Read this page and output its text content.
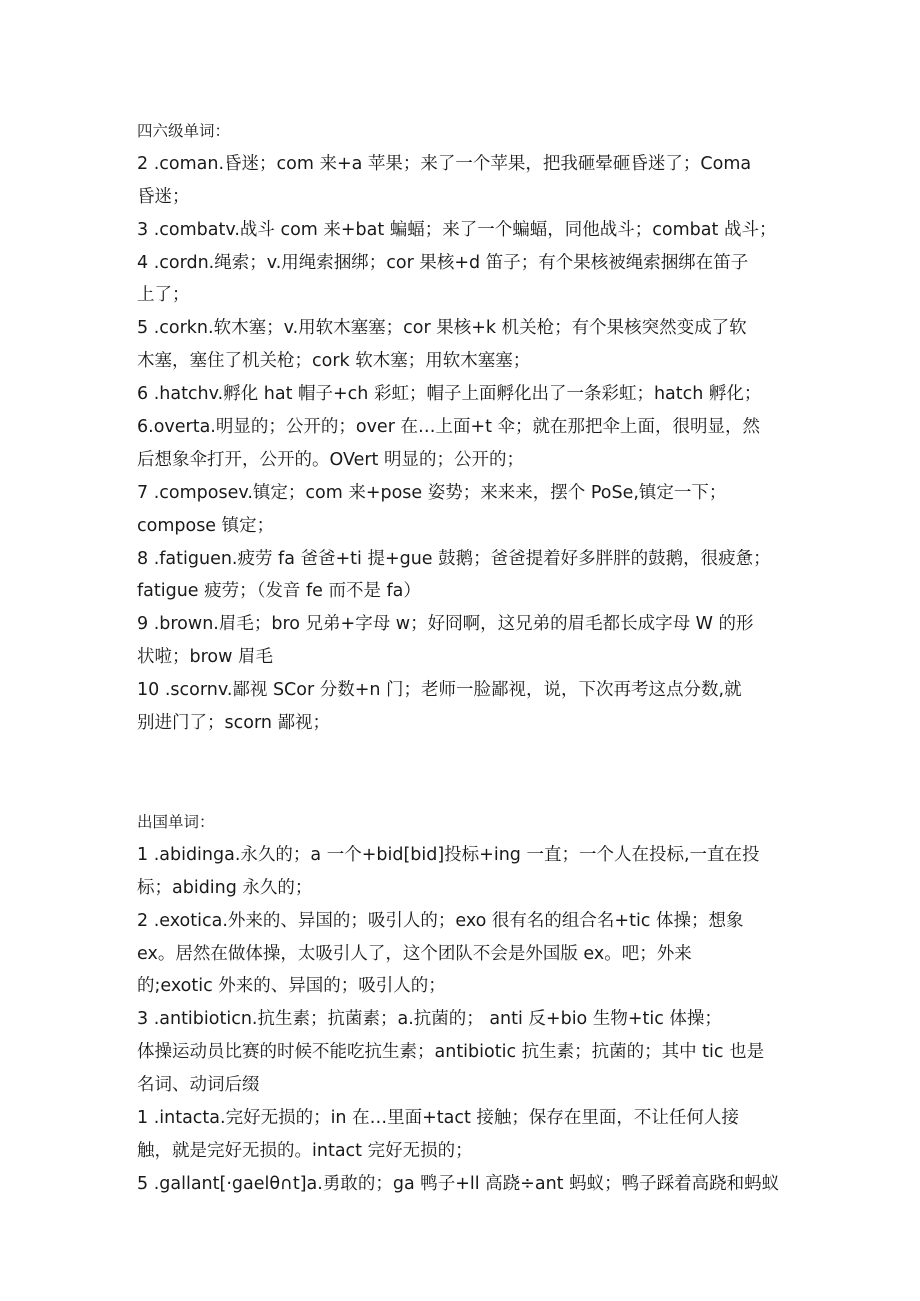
四六级单词：
2 .coman.昏迷；com 来+a 苹果；来了一个苹果，把我砸晕砸昏迷了；Coma
昏迷；
3 .combatv.战斗 com 来+bat 蝙蝠；来了一个蝙蝠，同他战斗；combat 战斗；
4 .cordn.绳索；v.用绳索捆绑；cor 果核+d 笛子；有个果核被绳索捆绑在笛子
上了；
5 .corkn.软木塞；v.用软木塞塞；cor 果核+k 机关枪；有个果核突然变成了软
木塞，塞住了机关枪；cork 软木塞；用软木塞塞；
6 .hatchv.孵化 hat 帽子+ch 彩虹；帽子上面孵化出了一条彩虹；hatch 孵化；
6.overta.明显的；公开的；over 在…上面+t 伞；就在那把伞上面，很明显，然
后想象伞打开，公开的。OVert 明显的；公开的；
7 .composev.镇定；com 来+pose 姿势；来来来，摆个 PoSe,镇定一下；
compose 镇定；
8 .fatiguen.疲劳 fa 爸爸+ti 提+gue 鼓鹅；爸爸提着好多胖胖的鼓鹅，很疲惫；
fatigue 疲劳；（发音 fe 而不是 fa）
9 .brown.眉毛；bro 兄弟+字母 w；好冏啊，这兄弟的眉毛都长成字母 W 的形
状啦；brow 眉毛
10 .scornv.鄙视 SCor 分数+n 门；老师一脸鄙视，说，下次再考这点分数,就
别进门了；scorn 鄙视；
出国单词：
1 .abidinga.永久的；a 一个+bid[bid]投标+ing 一直；一个人在投标,一直在投
标；abiding 永久的；
2 .exotica.外来的、异国的；吸引人的；exo 很有名的组合名+tic 体操；想象
ex。居然在做体操，太吸引人了，这个团队不会是外国版 ex。吧；外来
的;exotic 外来的、异国的；吸引人的；
3 .antibioticn.抗生素；抗菌素；a.抗菌的； anti 反+bio 生物+tic 体操；
体操运动员比赛的时候不能吃抗生素；antibiotic 抗生素；抗菌的；其中 tic 也是
名词、动词后缀
1 .intacta.完好无损的；in 在…里面+tact 接触；保存在里面，不让任何人接
触，就是完好无损的。intact 完好无损的；
5 .gallant[·gaelθ∩t]a.勇敢的；ga 鸭子+ll 高跷÷ant 蚂蚁；鸭子踩着高跷和蚂蚁
